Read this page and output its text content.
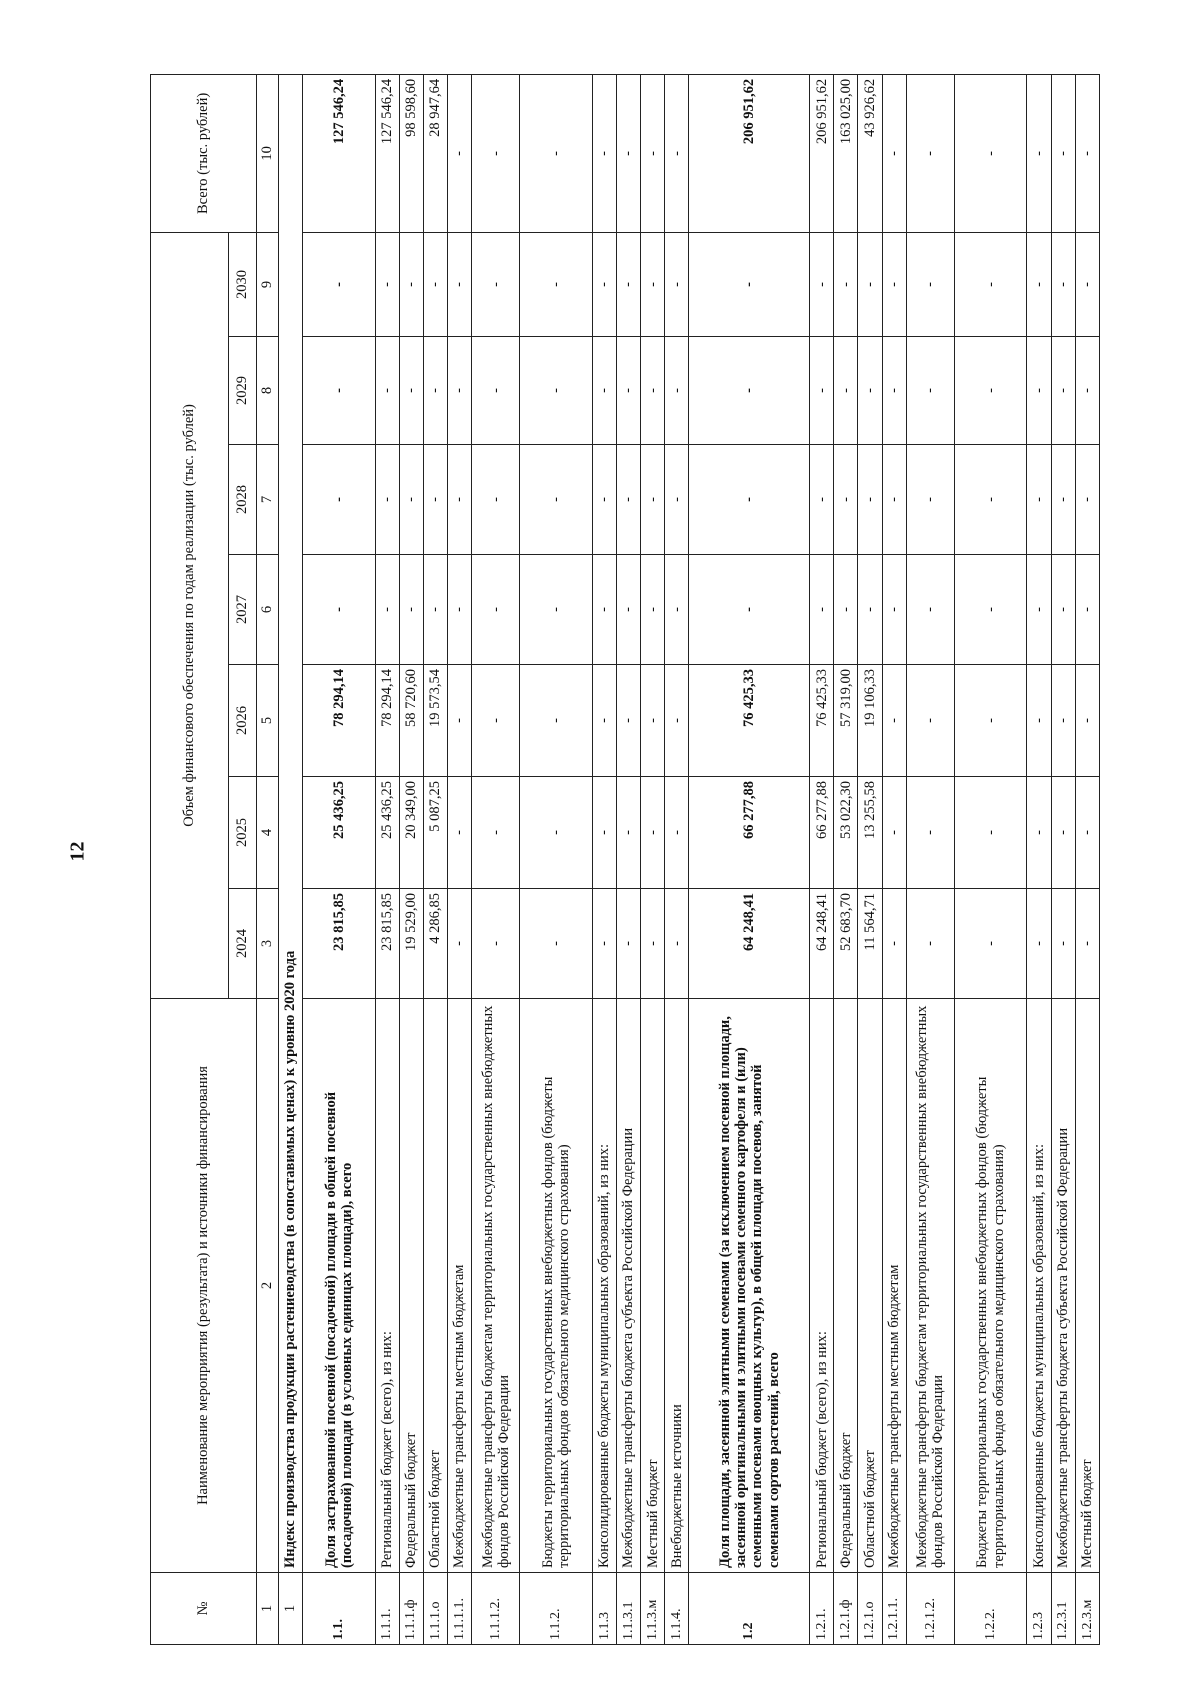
12
№	Наименование мероприятия (результата) и источники финансирования	Объем финансового обеспечения по годам реализации (тыс. рублей)							Всего (тыс. рублей)
		2024	2025	2026	2027	2028	2029	2030	
1	2	3	4	5	6	7	8	9	10
1	Индекс производства продукции растениеводства (в сопоставимых ценах) к уровню 2020 года								
1.1.	Доля застрахованной посевной (посадочной) площади в общей посевной (посадочной) площади (в условных единицах площади), всего	23 815,85	25 436,25	78 294,14	-	-	-	-	127 546,24
1.1.1.	Региональный бюджет (всего), из них:	23 815,85	25 436,25	78 294,14	-	-	-	-	127 546,24
1.1.1.ф	Федеральный бюджет	19 529,00	20 349,00	58 720,60	-	-	-	-	98 598,60
1.1.1.о	Областной бюджет	4 286,85	5 087,25	19 573,54	-	-	-	-	28 947,64
1.1.1.1.	Межбюджетные трансферты местным бюджетам	-	-	-	-	-	-	-	-
1.1.1.2.	Межбюджетные трансферты бюджетам территориальных государственных внебюджетных фондов Российской Федерации	-	-	-	-	-	-	-	-
1.1.2.	Бюджеты территориальных государственных внебюджетных фондов (бюджеты территориальных фондов обязательного медицинского страхования)	-	-	-	-	-	-	-	-
1.1.3	Консолидированные бюджеты муниципальных образований, из них:	-	-	-	-	-	-	-	-
1.1.3.1	Межбюджетные трансферты бюджета субъекта Российской Федерации	-	-	-	-	-	-	-	-
1.1.3.м	Местный бюджет	-	-	-	-	-	-	-	-
1.1.4.	Внебюджетные источники	-	-	-	-	-	-	-	-
1.2	Доля площади, засеянной элитными семенами (за исключением посевной площади, засеянной оригинальными и элитными посевами семенного картофеля и (или) семенными посевами овощных культур), в общей площади посевов, занятой семенами сортов растений, всего	64 248,41	66 277,88	76 425,33	-	-	-	-	206 951,62
1.2.1.	Региональный бюджет (всего), из них:	64 248,41	66 277,88	76 425,33	-	-	-	-	206 951,62
1.2.1.ф	Федеральный бюджет	52 683,70	53 022,30	57 319,00	-	-	-	-	163 025,00
1.2.1.о	Областной бюджет	11 564,71	13 255,58	19 106,33	-	-	-	-	43 926,62
1.2.1.1.	Межбюджетные трансферты местным бюджетам	-	-	-	-	-	-	-	-
1.2.1.2.	Межбюджетные трансферты бюджетам территориальных государственных внебюджетных фондов Российской Федерации	-	-	-	-	-	-	-	-
1.2.2.	Бюджеты территориальных государственных внебюджетных фондов (бюджеты территориальных фондов обязательного медицинского страхования)	-	-	-	-	-	-	-	-
1.2.3	Консолидированные бюджеты муниципальных образований, из них:	-	-	-	-	-	-	-	-
1.2.3.1	Межбюджетные трансферты бюджета субъекта Российской Федерации	-	-	-	-	-	-	-	-
1.2.3.м	Местный бюджет	-	-	-	-	-	-	-	-
